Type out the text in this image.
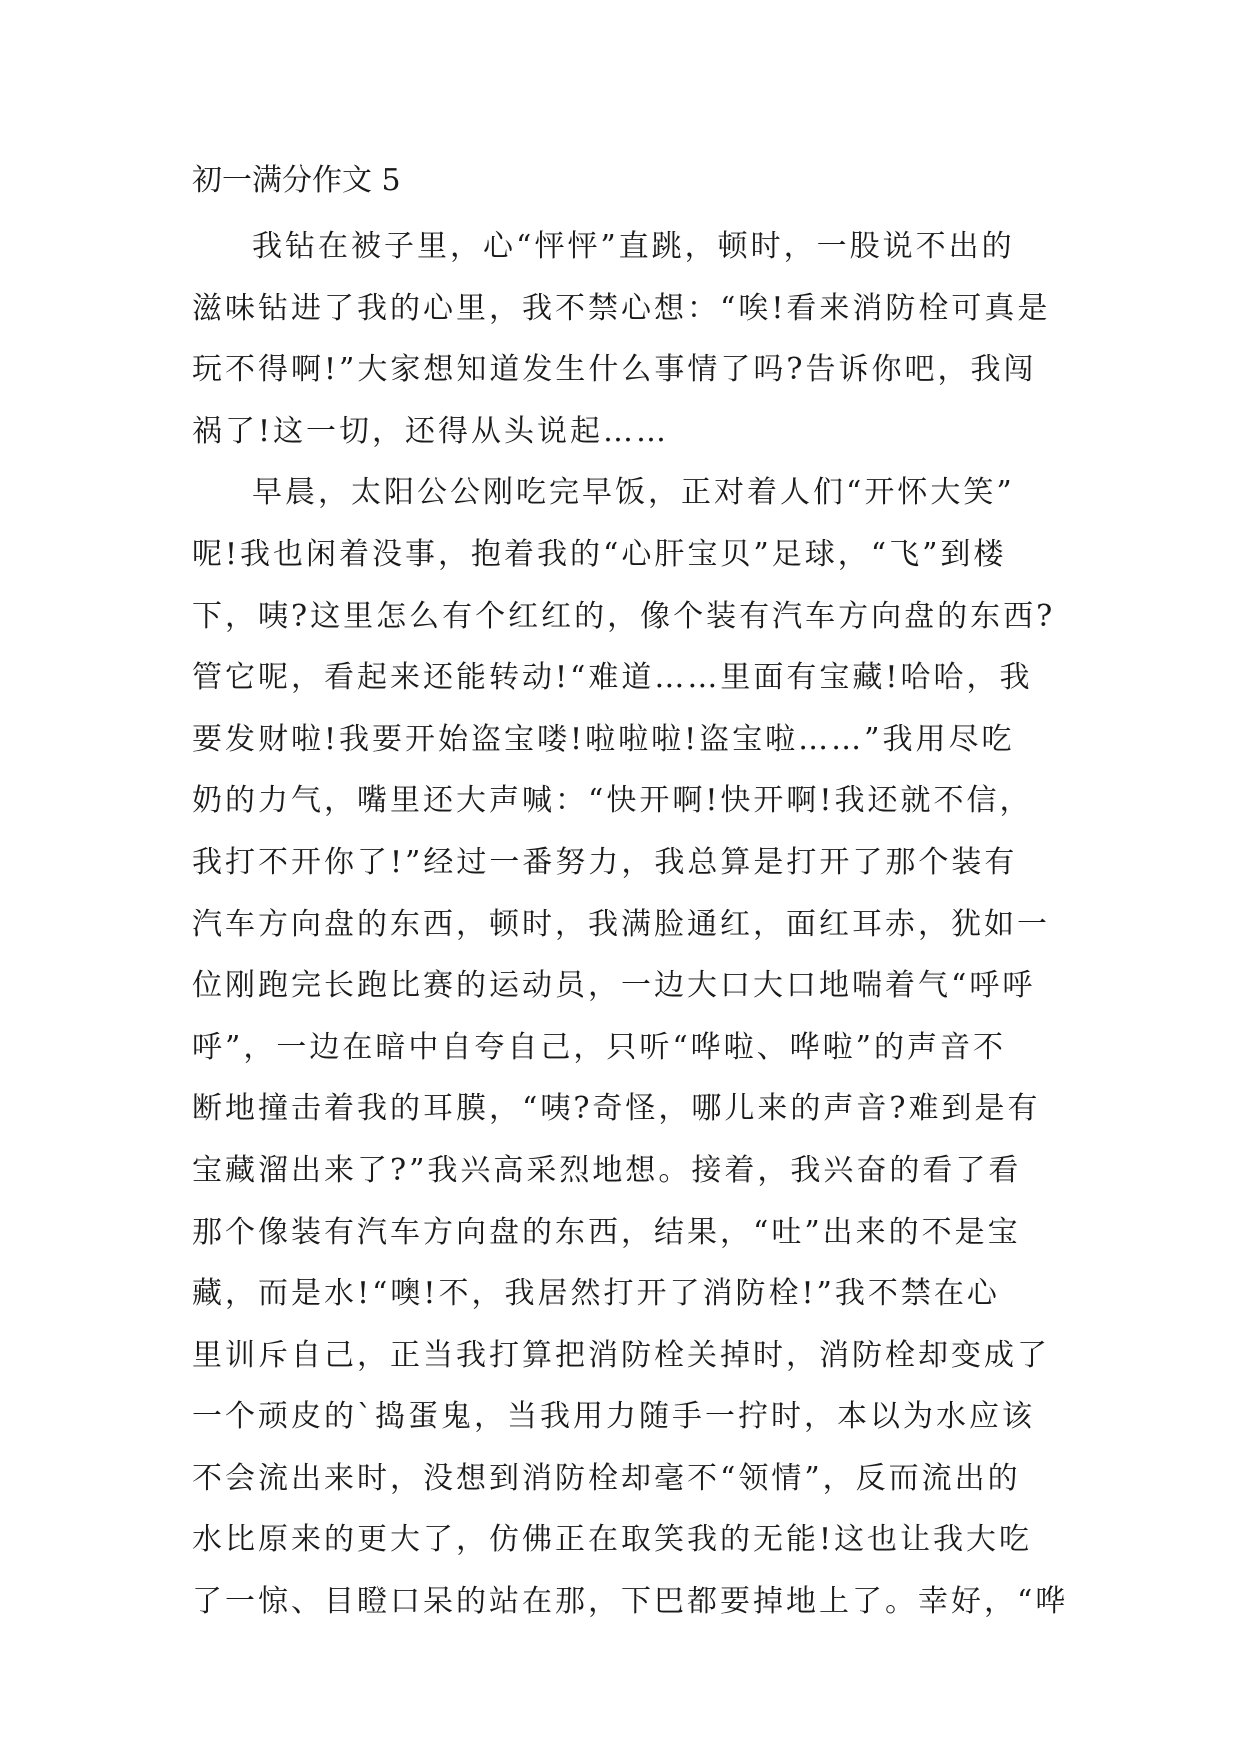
初一满分作文 5
我钻在被子里，心“怦怦”直跳，顿时，一股说不出的
滋味钻进了我的心里，我不禁心想：“唉!看来消防栓可真是
玩不得啊!”大家想知道发生什么事情了吗?告诉你吧，我闯
祸了!这一切，还得从头说起……
早晨，太阳公公刚吃完早饭，正对着人们“开怀大笑”
呢!我也闲着没事，抱着我的“心肝宝贝”足球，“飞”到楼
下，咦?这里怎么有个红红的，像个装有汽车方向盘的东西?
管它呢，看起来还能转动!“难道……里面有宝藏!哈哈，我
要发财啦!我要开始盗宝喽!啦啦啦!盗宝啦……”我用尽吃
奶的力气，嘴里还大声喊：“快开啊!快开啊!我还就不信，
我打不开你了!”经过一番努力，我总算是打开了那个装有
汽车方向盘的东西，顿时，我满脸通红，面红耳赤，犹如一
位刚跑完长跑比赛的运动员，一边大口大口地喘着气“呼呼
呼”，一边在暗中自夸自己，只听“哗啦、哗啦”的声音不
断地撞击着我的耳膜，“咦?奇怪，哪儿来的声音?难到是有
宝藏溜出来了?”我兴高采烈地想。接着，我兴奋的看了看
那个像装有汽车方向盘的东西，结果，“吐”出来的不是宝
藏，而是水!“噢!不，我居然打开了消防栓!”我不禁在心
里训斥自己，正当我打算把消防栓关掉时，消防栓却变成了
一个顽皮的`捣蛋鬼，当我用力随手一拧时，本以为水应该
不会流出来时，没想到消防栓却毫不“领情”，反而流出的
水比原来的更大了，仿佛正在取笑我的无能!这也让我大吃
了一惊、目瞪口呆的站在那，下巴都要掉地上了。幸好，“哗
